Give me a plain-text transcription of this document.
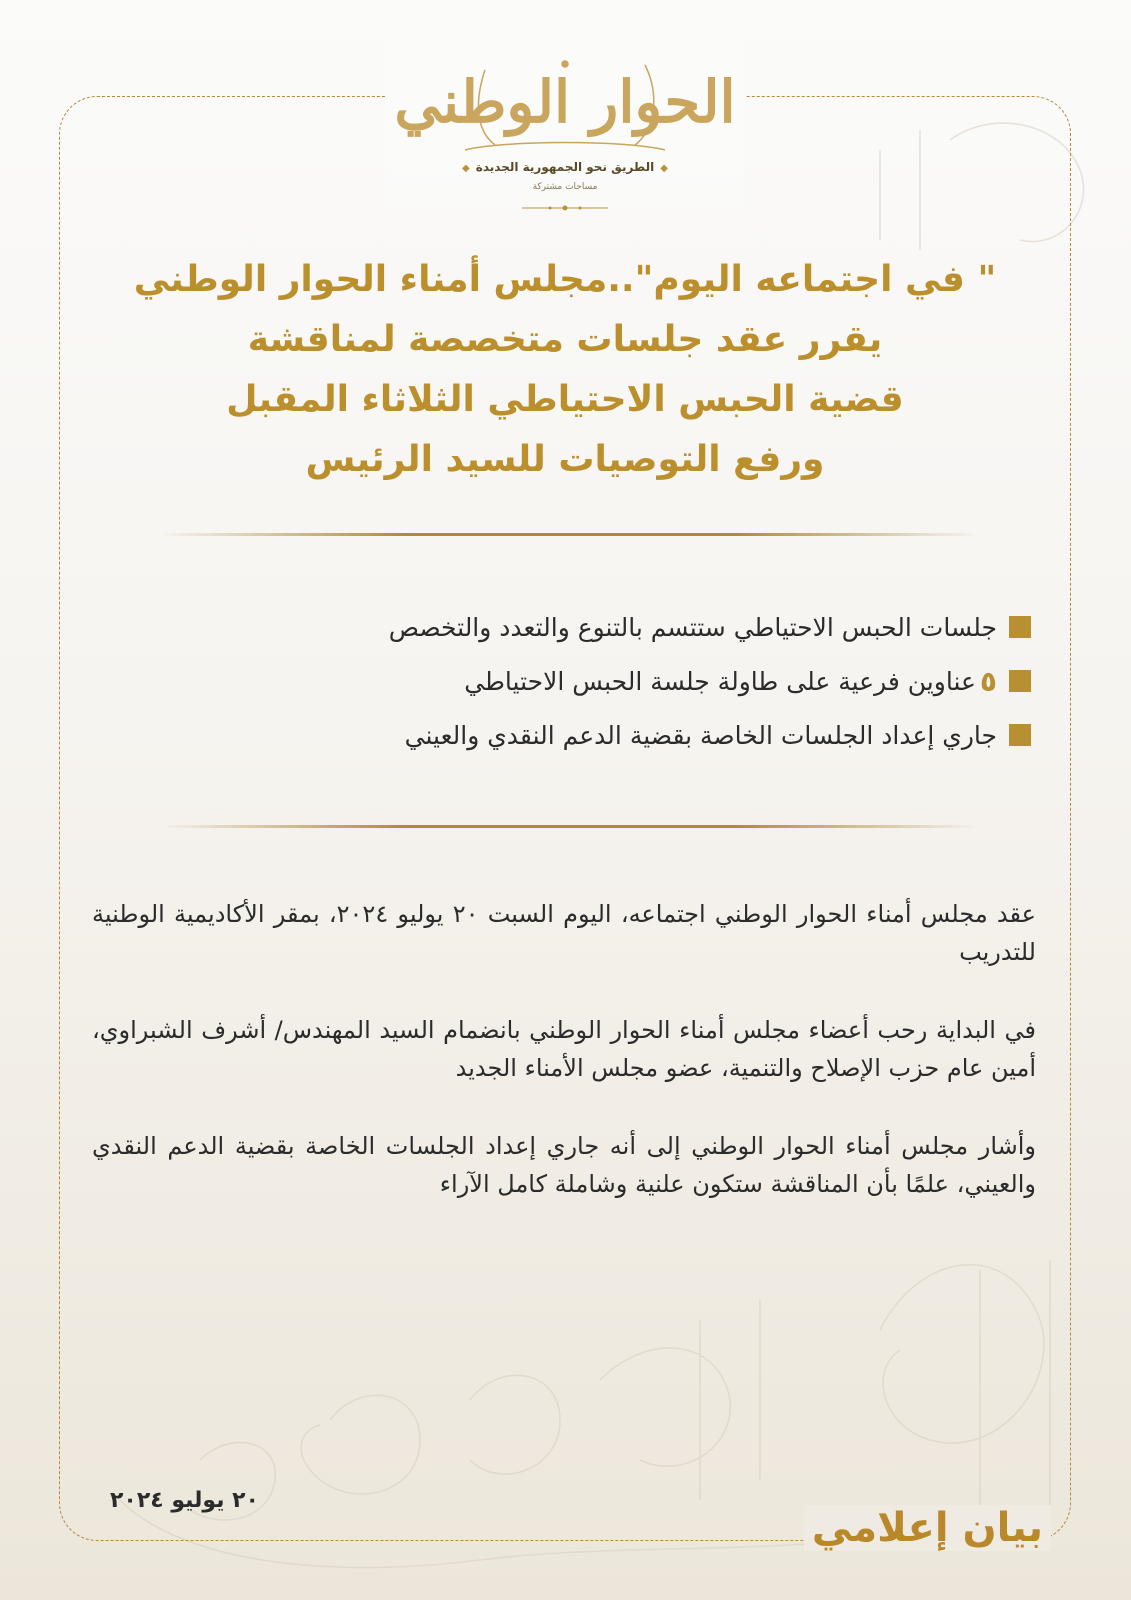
الحوار الوطني
◆الطريق نحو الجمهورية الجديدة◆
مساحات مشتركة
" في اجتماعه اليوم"..مجلس أمناء الحوار الوطني
يقرر عقد جلسات متخصصة لمناقشة
قضية الحبس الاحتياطي الثلاثاء المقبل
ورفع التوصيات للسيد الرئيس
جلسات الحبس الاحتياطي ستتسم بالتنوع والتعدد والتخصص
٥
عناوين فرعية على طاولة جلسة الحبس الاحتياطي
جاري إعداد الجلسات الخاصة بقضية الدعم النقدي والعيني

عقد مجلس أمناء الحوار الوطني اجتماعه، اليوم السبت ٢٠ يوليو ٢٠٢٤، بمقر الأكاديمية الوطنية للتدريب

في البداية رحب أعضاء مجلس أمناء الحوار الوطني بانضمام السيد المهندس/ أشرف الشبراوي، أمين عام حزب الإصلاح والتنمية، عضو مجلس الأمناء الجديد

وأشار مجلس أمناء الحوار الوطني إلى أنه جاري إعداد الجلسات الخاصة بقضية الدعم النقدي والعيني، علمًا بأن المناقشة ستكون علنية وشاملة كامل الآراء

٢٠ يوليو ٢٠٢٤
بيان إعلامي
